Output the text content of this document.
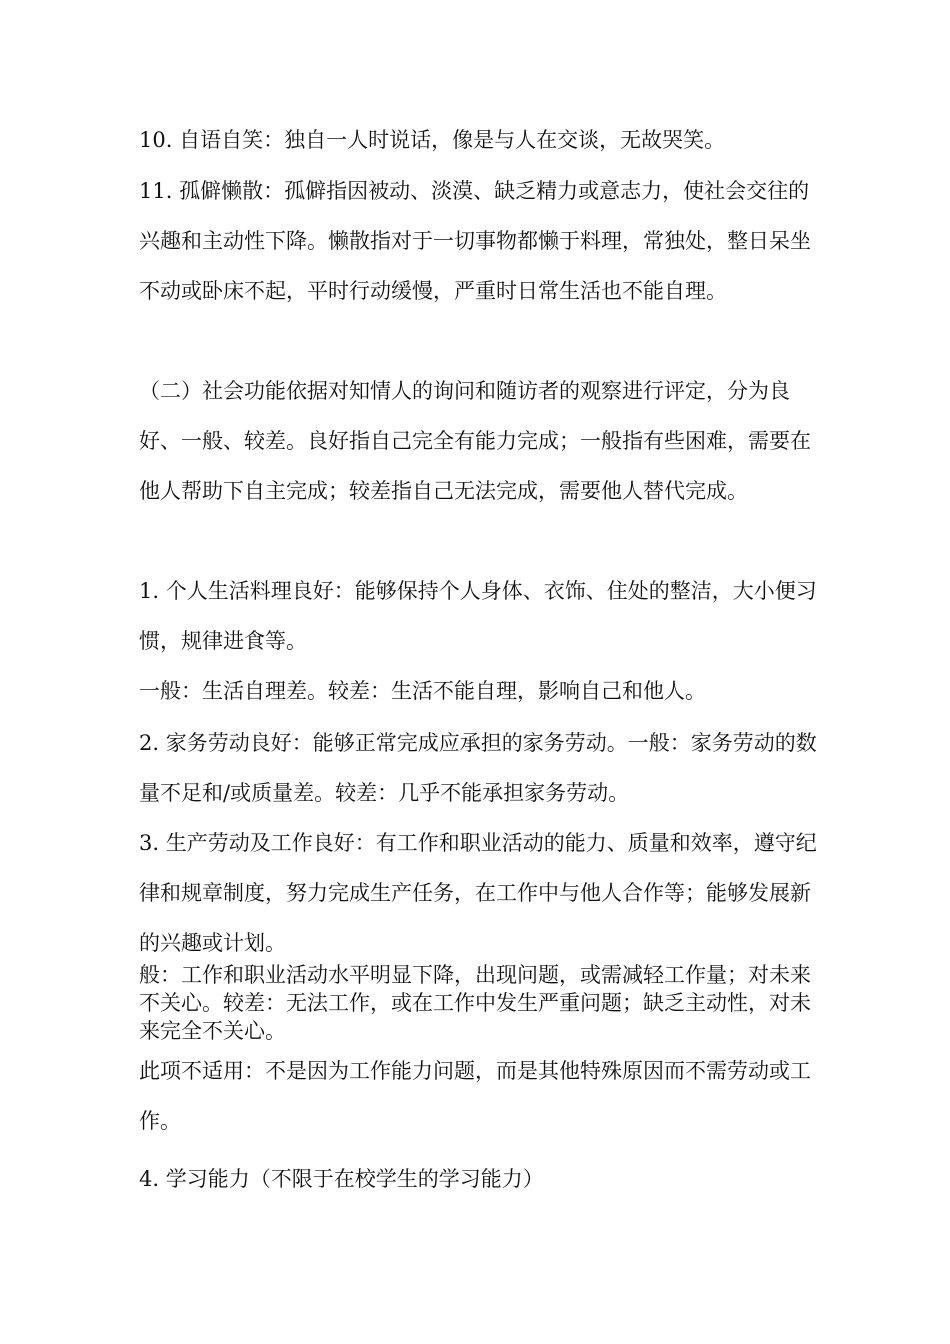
10. 自语自笑：独自一人时说话，像是与人在交谈，无故哭笑。
11. 孤僻懒散：孤僻指因被动、淡漠、缺乏精力或意志力，使社会交往的兴趣和主动性下降。懒散指对于一切事物都懒于料理，常独处，整日呆坐不动或卧床不起，平时行动缓慢，严重时日常生活也不能自理。
（二）社会功能依据对知情人的询问和随访者的观察进行评定，分为良好、一般、较差。良好指自己完全有能力完成；一般指有些困难，需要在他人帮助下自主完成；较差指自己无法完成，需要他人替代完成。
1. 个人生活料理良好：能够保持个人身体、衣饰、住处的整洁，大小便习惯，规律进食等。
一般：生活自理差。较差：生活不能自理，影响自己和他人。
2. 家务劳动良好：能够正常完成应承担的家务劳动。一般：家务劳动的数量不足和/或质量差。较差：几乎不能承担家务劳动。
3. 生产劳动及工作良好：有工作和职业活动的能力、质量和效率，遵守纪律和规章制度，努力完成生产任务，在工作中与他人合作等；能够发展新的兴趣或计划。
般：工作和职业活动水平明显下降，出现问题，或需减轻工作量；对未来不关心。较差：无法工作，或在工作中发生严重问题；缺乏主动性，对未来完全不关心。
此项不适用：不是因为工作能力问题，而是其他特殊原因而不需劳动或工作。
4. 学习能力（不限于在校学生的学习能力）
